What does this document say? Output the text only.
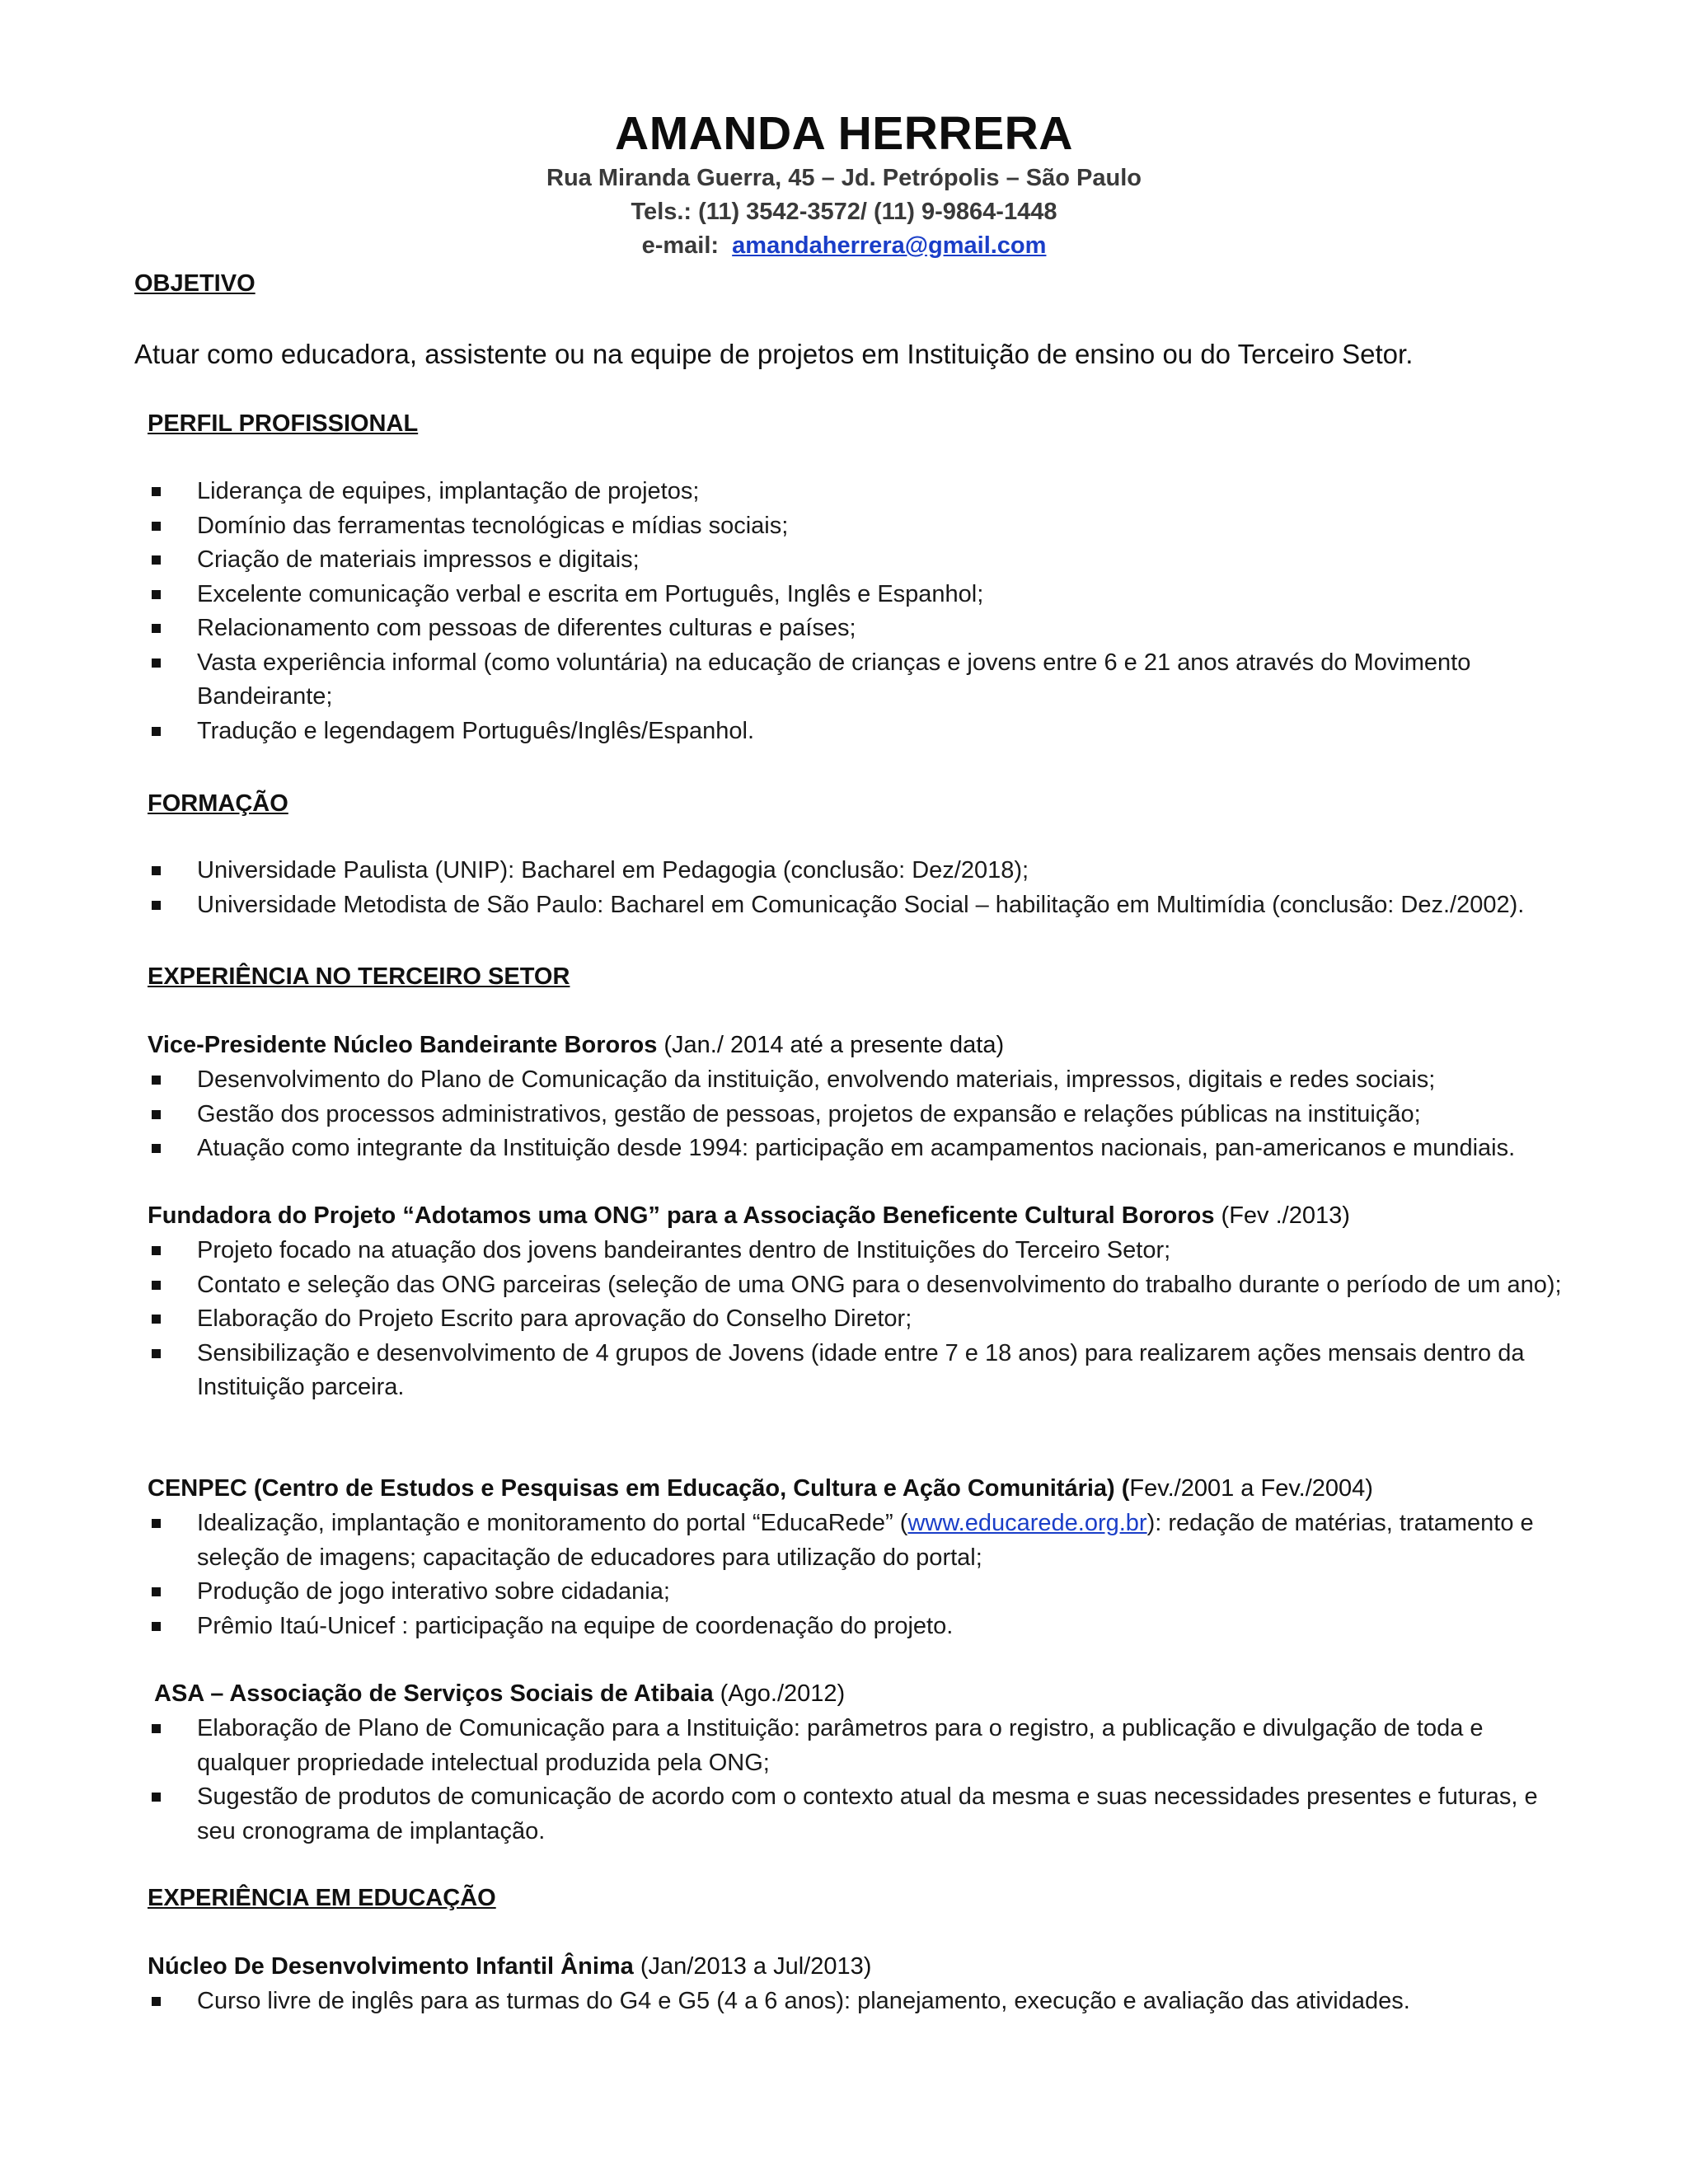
AMANDA HERRERA
Rua Miranda Guerra, 45 – Jd. Petrópolis – São Paulo
Tels.: (11) 3542-3572/ (11) 9-9864-1448
e-mail: amandaherrera@gmail.com
OBJETIVO
Atuar como educadora, assistente ou na equipe de projetos em Instituição de ensino ou do Terceiro Setor.
PERFIL PROFISSIONAL
Liderança de equipes, implantação de projetos;
Domínio das ferramentas tecnológicas e mídias sociais;
Criação de materiais impressos e digitais;
Excelente comunicação verbal e escrita em Português, Inglês e Espanhol;
Relacionamento com pessoas de diferentes culturas e países;
Vasta experiência informal (como voluntária) na educação de crianças e jovens entre 6 e 21 anos através do Movimento Bandeirante;
Tradução e legendagem Português/Inglês/Espanhol.
FORMAÇÃO
Universidade Paulista (UNIP): Bacharel em Pedagogia (conclusão: Dez/2018);
Universidade Metodista de São Paulo: Bacharel em Comunicação Social – habilitação em Multimídia (conclusão: Dez./2002).
EXPERIÊNCIA NO TERCEIRO SETOR
Vice-Presidente Núcleo Bandeirante Bororos (Jan./ 2014 até a presente data)
Desenvolvimento do Plano de Comunicação da instituição, envolvendo materiais, impressos, digitais e redes sociais;
Gestão dos processos administrativos, gestão de pessoas, projetos de expansão e relações públicas na instituição;
Atuação como integrante da Instituição desde 1994: participação em acampamentos nacionais, pan-americanos e mundiais.
Fundadora do Projeto “Adotamos uma ONG” para a Associação Beneficente Cultural Bororos (Fev ./2013)
Projeto focado na atuação dos jovens bandeirantes dentro de Instituições do Terceiro Setor;
Contato e seleção das ONG parceiras (seleção de uma ONG para o desenvolvimento do trabalho durante o período de um ano);
Elaboração do Projeto Escrito para aprovação do Conselho Diretor;
Sensibilização e desenvolvimento de 4 grupos de Jovens (idade entre 7 e 18 anos) para realizarem ações mensais dentro da Instituição parceira.
CENPEC (Centro de Estudos e Pesquisas em Educação, Cultura e Ação Comunitária) (Fev./2001 a Fev./2004)
Idealização, implantação e monitoramento do portal “EducaRede” (www.educarede.org.br): redação de matérias, tratamento e seleção de imagens; capacitação de educadores para utilização do portal;
Produção de jogo interativo sobre cidadania;
Prêmio Itaú-Unicef : participação na equipe de coordenação do projeto.
ASA – Associação de Serviços Sociais de Atibaia (Ago./2012)
Elaboração de Plano de Comunicação para a Instituição: parâmetros para o registro, a publicação e divulgação de toda e qualquer propriedade intelectual produzida pela ONG;
Sugestão de produtos de comunicação de acordo com o contexto atual da mesma e suas necessidades presentes e futuras, e seu cronograma de implantação.
EXPERIÊNCIA EM EDUCAÇÃO
Núcleo De Desenvolvimento Infantil Ânima (Jan/2013 a Jul/2013)
Curso livre de inglês para as turmas do G4 e G5 (4 a 6 anos): planejamento, execução e avaliação das atividades.
